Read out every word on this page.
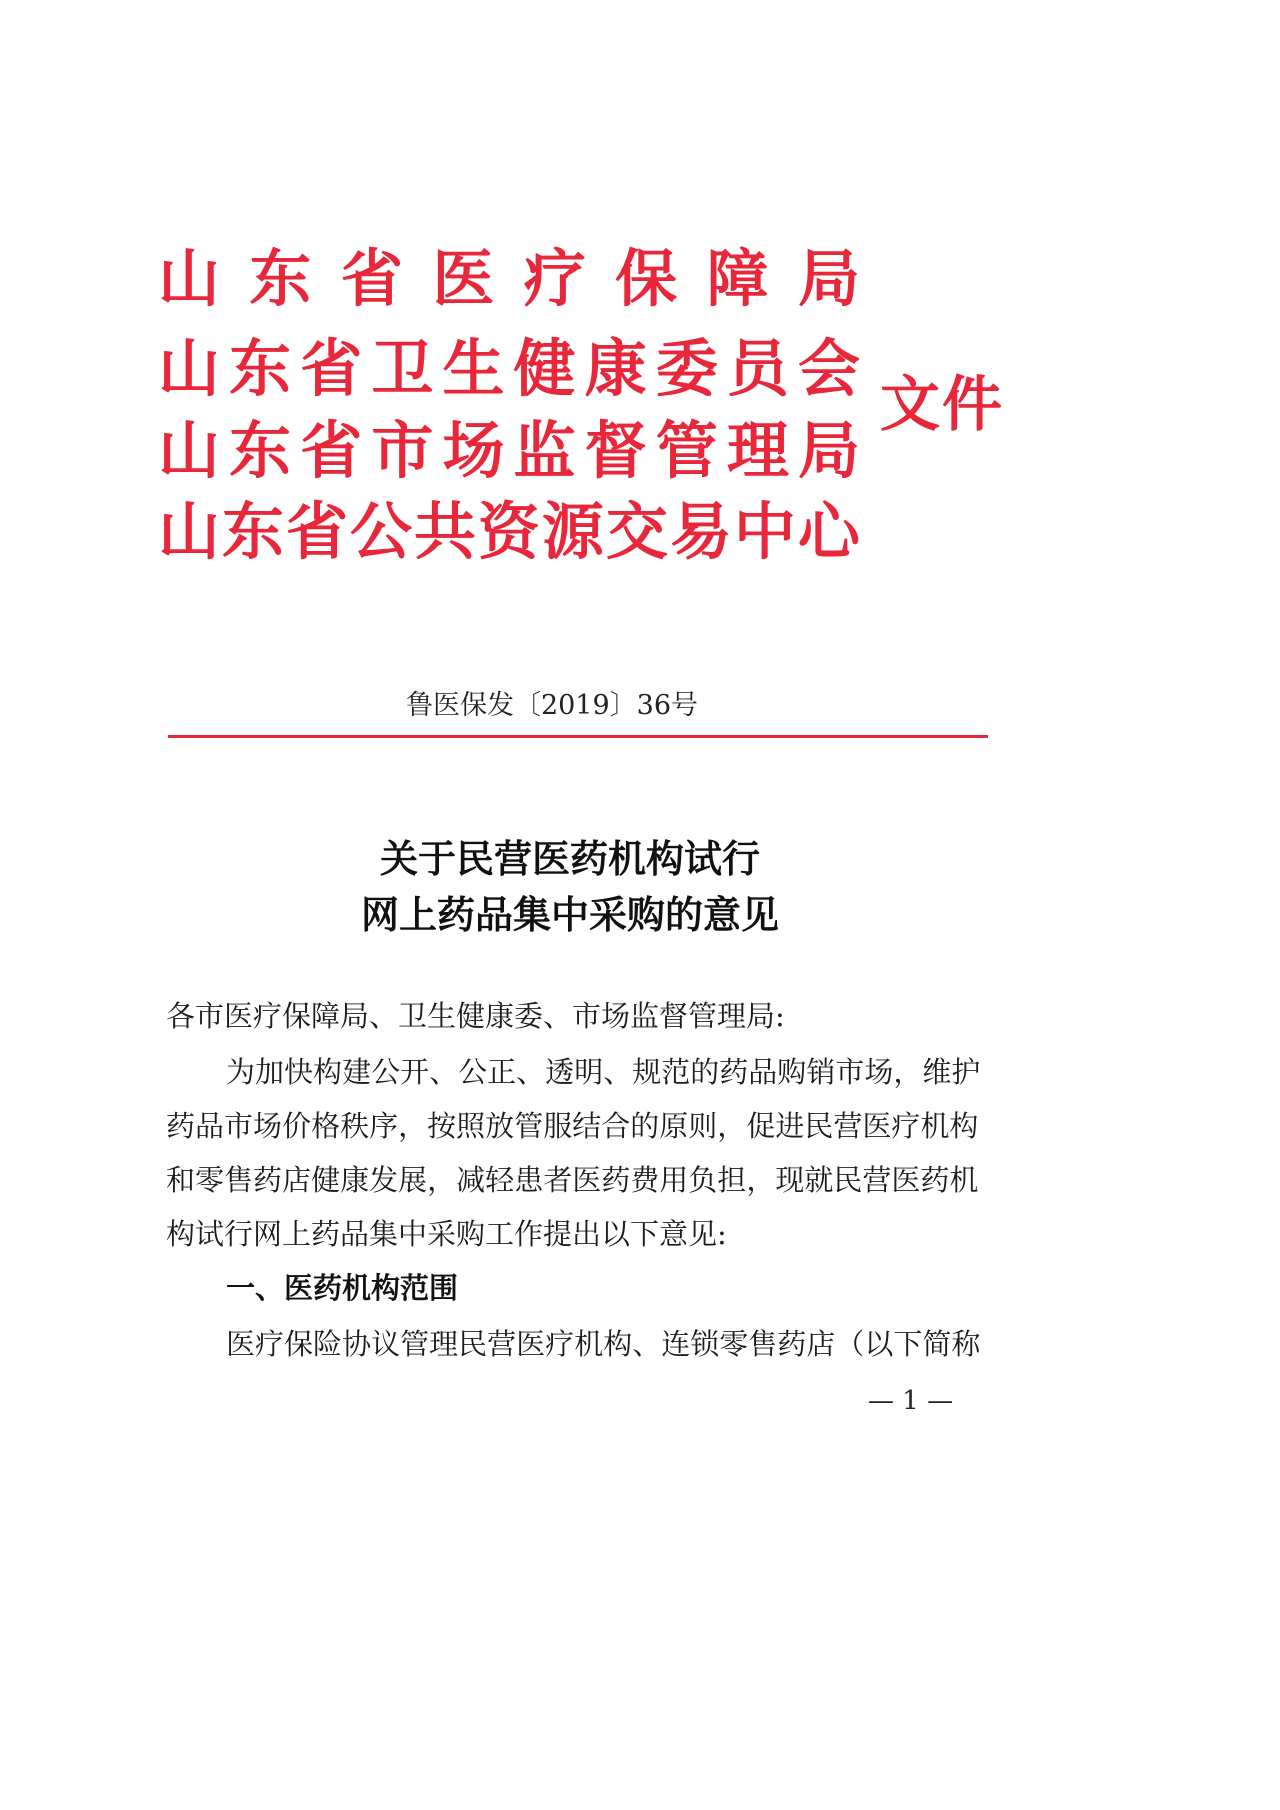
山 东 省 医 疗 保 障 局
山 东 省 卫 生 健 康 委 员 会
山 东 省 市 场 监 督 管 理 局
山 东 省 公 共 资 源 交 易 中 心
文件
鲁医保发〔2019〕36号
关于民营医药机构试行
网上药品集中采购的意见
各市医疗保障局、卫生健康委、市场监督管理局:
为 加 快 构 建 公 开 、 公 正 、 透 明 、 规 范 的 药 品 购 销 市 场 ， 维 护
药 品 市 场 价 格 秩 序 ， 按 照 放 管 服 结 合 的 原 则 ， 促 进 民 营 医 疗 机 构
和 零 售 药 店 健 康 发 展 ， 减 轻 患 者 医 药 费 用 负 担 ， 现 就 民 营 医 药 机
构试行网上药品集中采购工作提出以下意见:
一、医药机构范围
医 疗 保 险 协 议 管 理 民 营 医 疗 机 构 、 连 锁 零 售 药 店 （ 以 下 简 称
— 1 —
